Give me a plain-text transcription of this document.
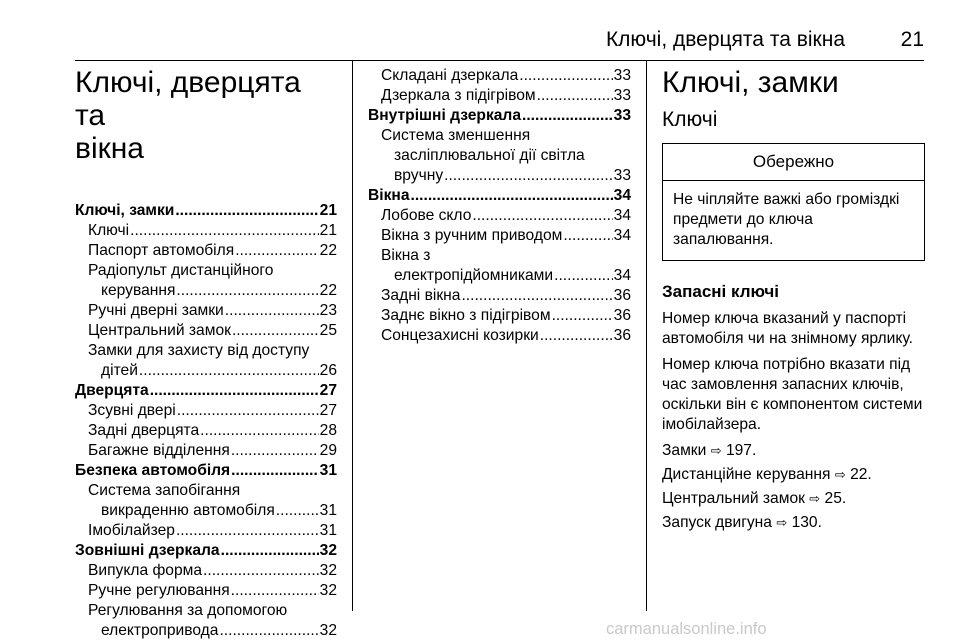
Ключі, дверцята та вікна	21
Ключі, дверцята та
вікна
Ключі, замки .....	21
Ключі .....	21
Паспорт автомобіля .....	22
Радіопульт дистанційного
керування .....	22
Ручні дверні замки .....	23
Центральний замок .....	25
Замки для захисту від доступу
дітей .....	26
Дверцята .....	27
Зсувні двері .....	27
Задні дверцята .....	28
Багажне відділення .....	29
Безпека автомобіля .....	31
Система запобігання
викраденню автомобіля .....	31
Імобілайзер .....	31
Зовнішні дзеркала .....	32
Випукла форма .....	32
Ручне регулювання .....	32
Регулювання за допомогою
електропривода .....	32
Складані дзеркала .....	33
Дзеркала з підігрівом .....	33
Внутрішні дзеркала .....	33
Система зменшення
засліплювальної дії світла
вручну .....	33
Вікна .....	34
Лобове скло .....	34
Вікна з ручним приводом .....	34
Вікна з
електропідйомниками .....	34
Задні вікна .....	36
Заднє вікно з підігрівом .....	36
Сонцезахисні козирки .....	36
Ключі, замки
Ключі
Обережно
Не чіпляйте важкі або громіздкі предмети до ключа запалювання.
Запасні ключі
Номер ключа вказаний у паспорті автомобіля чи на знімному ярлику.
Номер ключа потрібно вказати під час замовлення запасних ключів, оскільки він є компонентом системи імобілайзера.
Замки ⇨ 197.
Дистанційне керування ⇨ 22.
Центральний замок ⇨ 25.
Запуск двигуна ⇨ 130.
carmanualsonline.info
